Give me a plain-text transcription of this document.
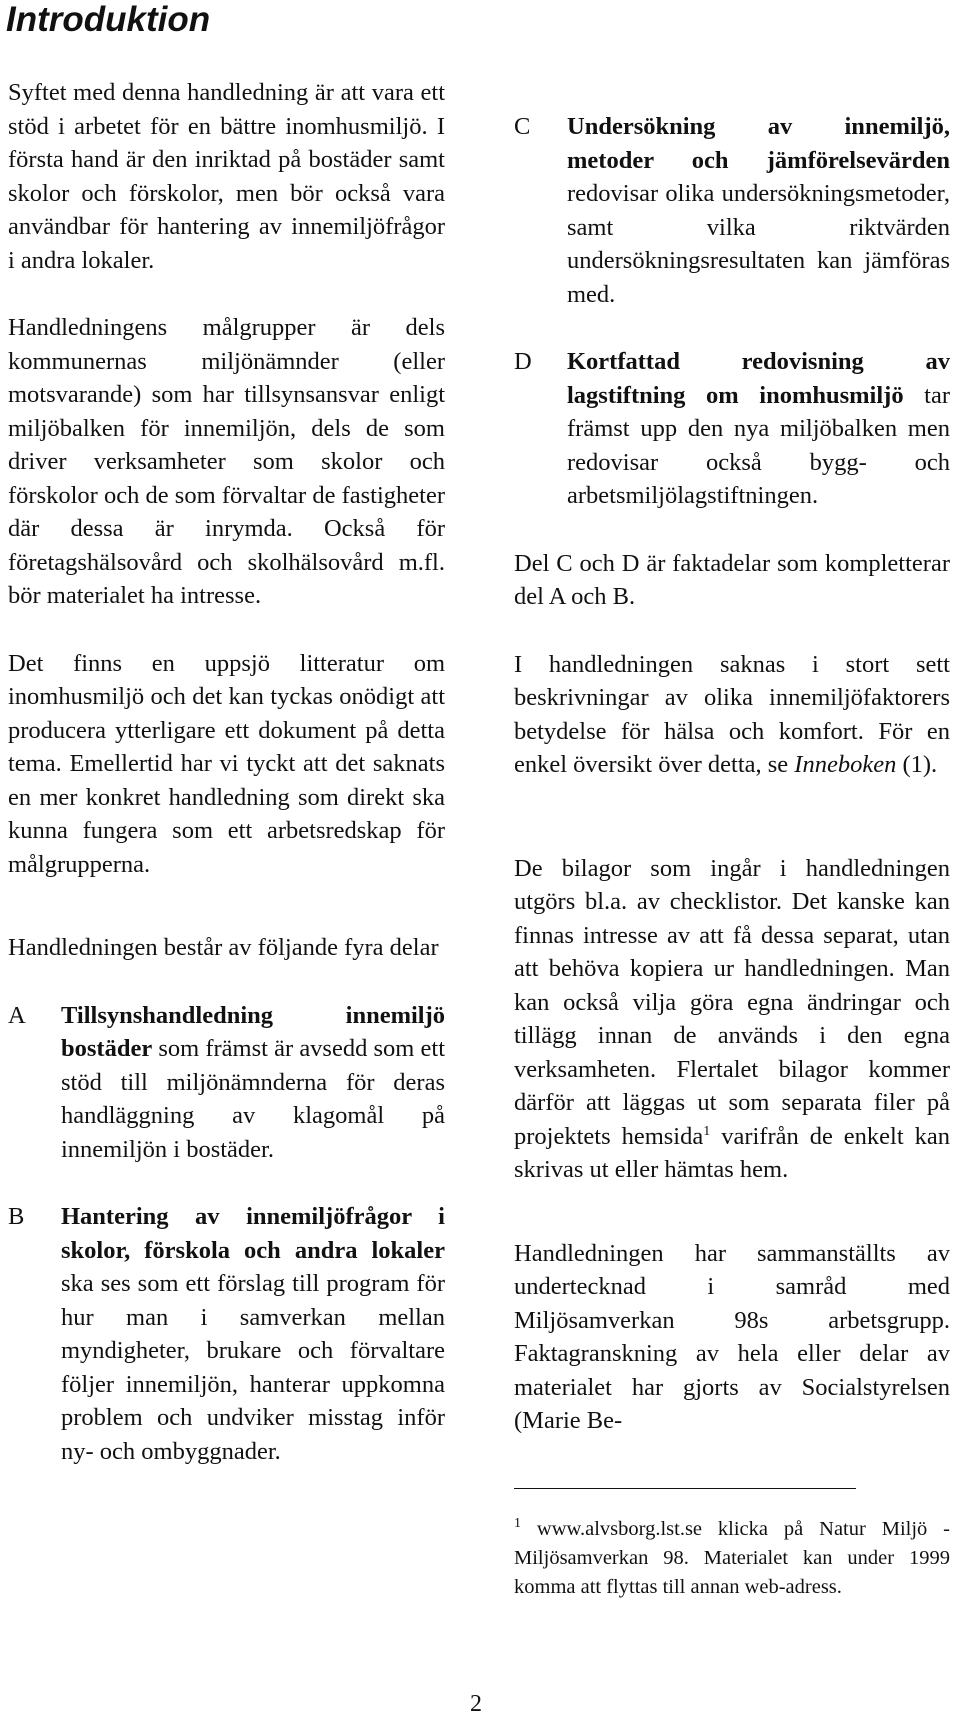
Introduktion

Syftet med denna handledning är att vara ett stöd i arbetet för en bättre inomhusmiljö. I första hand är den inriktad på bostäder samt skolor och förskolor, men bör också vara användbar för hantering av innemiljöfrågor i andra lokaler.

Handledningens målgrupper är dels kommunernas miljönämnder (eller motsvarande) som har tillsynsansvar enligt miljöbalken för innemiljön, dels de som driver verksamheter som skolor och förskolor och de som förvaltar de fastigheter där dessa är inrymda. Också för företagshälsovård och skolhälsovård m.fl. bör materialet ha intresse.

Det finns en uppsjö litteratur om inomhusmiljö och det kan tyckas onödigt att producera ytterligare ett dokument på detta tema. Emellertid har vi tyckt att det saknats en mer konkret handledning som direkt ska kunna fungera som ett arbetsredskap för målgrupperna.

Handledningen består av följande fyra delar

A	Tillsynshandledning innemiljö bostäder som främst är avsedd som ett stöd till miljönämnderna för deras handläggning av klagomål på innemiljön i bostäder.
B	Hantering av innemiljöfrågor i skolor, förskola och andra lokaler ska ses som ett förslag till program för hur man i samverkan mellan myndigheter, brukare och förvaltare följer innemiljön, hanterar uppkomna problem och undviker misstag inför ny- och ombyggnader.
C	Undersökning av innemiljö, metoder och jämförelsevärden redovisar olika undersökningsmetoder, samt vilka riktvärden undersökningsresultaten kan jämföras med.
D	Kortfattad redovisning av lagstiftning om inomhusmiljö tar främst upp den nya miljöbalken men redovisar också bygg- och arbetsmiljölagstiftningen.

Del C och D är faktadelar som kompletterar del A och B.

I handledningen saknas i stort sett beskrivningar av olika innemiljöfaktorers betydelse för hälsa och komfort. För en enkel översikt över detta, se Inneboken (1).

De bilagor som ingår i handledningen utgörs bl.a. av checklistor. Det kanske kan finnas intresse av att få dessa separat, utan att behöva kopiera ur handledningen. Man kan också vilja göra egna ändringar och tillägg innan de används i den egna verksamheten. Flertalet bilagor kommer därför att läggas ut som separata filer på projektets hemsida$^1$ varifrån de enkelt kan skrivas ut eller hämtas hem.

Handledningen har sammanställts av undertecknad i samråd med Miljösamverkan 98s arbetsgrupp. Faktagranskning av hela eller delar av materialet har gjorts av Socialstyrelsen (Marie Be-

$^1$ www.alvsborg.lst.se klicka på Natur Miljö - Miljösamverkan 98. Materialet kan under 1999 komma att flyttas till annan web-adress.

2
